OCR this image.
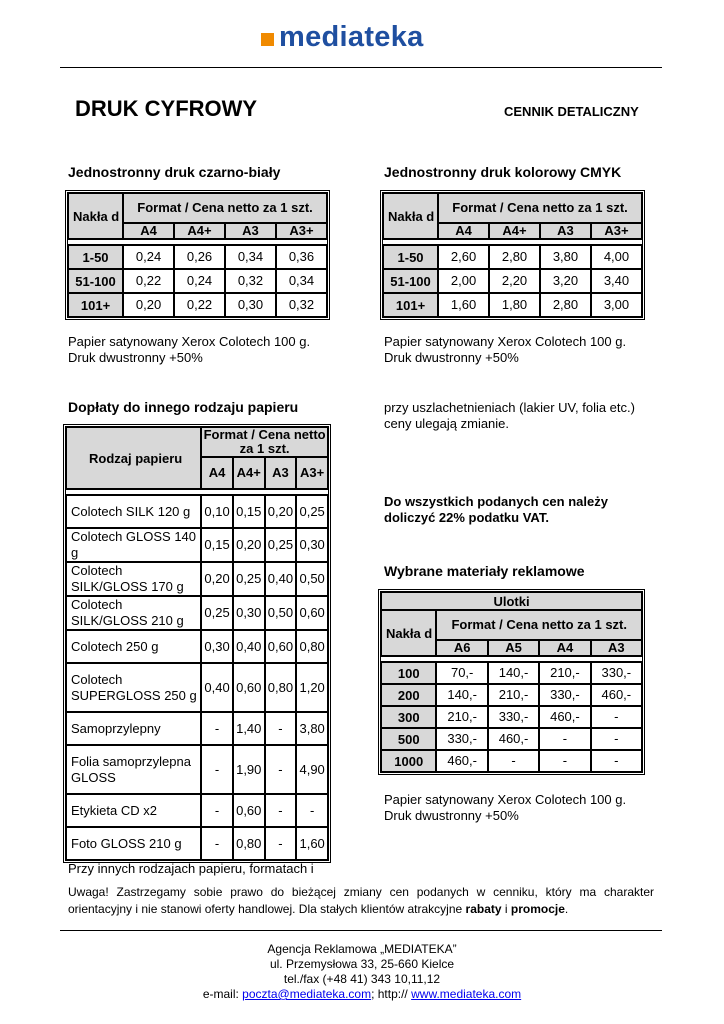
mediateka
DRUK CYFROWY	CENNIK DETALICZNY
Jednostronny druk czarno-biały
Nakła d	Format / Cena netto za 1 szt.			
	A4	A4+	A3	A3+

1-50	0,24	0,26	0,34	0,36
51-100	0,22	0,24	0,32	0,34
101+	0,20	0,22	0,30	0,32
Papier satynowany Xerox Colotech 100 g.
Druk dwustronny +50%
Jednostronny druk kolorowy CMYK
Nakła d	Format / Cena netto za 1 szt.			
	A4	A4+	A3	A3+

1-50	2,60	2,80	3,80	4,00
51-100	2,00	2,20	3,20	3,40
101+	1,60	1,80	2,80	3,00
Papier satynowany Xerox Colotech 100 g.
Druk dwustronny +50%
Dopłaty do innego rodzaju papieru
Rodzaj papieru	Format / Cena netto za 1 szt.			
	A4	A4+	A3	A3+

Colotech SILK 120 g	0,10	0,15	0,20	0,25
Colotech GLOSS 140 g	0,15	0,20	0,25	0,30
Colotech SILK/GLOSS 170 g	0,20	0,25	0,40	0,50
Colotech SILK/GLOSS 210 g	0,25	0,30	0,50	0,60
Colotech 250 g	0,30	0,40	0,60	0,80
Colotech SUPERGLOSS 250 g	0,40	0,60	0,80	1,20
Samoprzylepny	-	1,40	-	3,80
Folia samoprzylepna GLOSS	-	1,90	-	4,90
Etykieta CD x2	-	0,60	-	-
Foto GLOSS 210 g	-	0,80	-	1,60
Przy innych rodzajach papieru, formatach i
przy uszlachetnieniach (lakier UV, folia etc.) ceny ulegają zmianie.
Do wszystkich podanych cen należy doliczyć 22% podatku VAT.
Wybrane materiały reklamowe
Ulotki				
Nakła d	Format / Cena netto za 1 szt.			
	A6	A5	A4	A3

100	70,-	140,-	210,-	330,-
200	140,-	210,-	330,-	460,-
300	210,-	330,-	460,-	-
500	330,-	460,-	-	-
1000	460,-	-	-	-
Papier satynowany Xerox Colotech 100 g.
Druk dwustronny +50%
Uwaga! Zastrzegamy sobie prawo do bieżącej zmiany cen podanych w cenniku, który ma charakter orientacyjny i nie stanowi oferty handlowej. Dla stałych klientów atrakcyjne rabaty i promocje.
Agencja Reklamowa „MEDIATEKA”
ul. Przemysłowa 33, 25-660 Kielce
tel./fax (+48 41) 343 10,11,12
e-mail: poczta@mediateka.com; http:// www.mediateka.com
